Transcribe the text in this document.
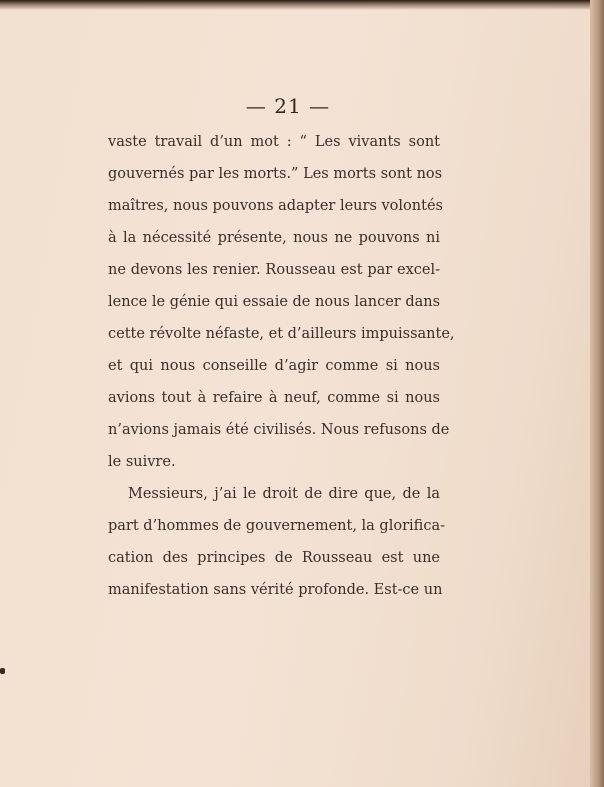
— 21 —

vaste travail d’un mot : “ Les vivants sont

gouvernés par les morts.” Les morts sont nos

maîtres, nous pouvons adapter leurs volontés

à la nécessité présente, nous ne pouvons ni

ne devons les renier. Rousseau est par excel-

lence le génie qui essaie de nous lancer dans

cette révolte néfaste, et d’ailleurs impuissante,

et qui nous conseille d’agir comme si nous

avions tout à refaire à neuf, comme si nous

n’avions jamais été civilisés. Nous refusons de

le suivre.

Messieurs, j’ai le droit de dire que, de la

part d’hommes de gouvernement, la glorifica-

cation des principes de Rousseau est une

manifestation sans vérité profonde. Est-ce un
